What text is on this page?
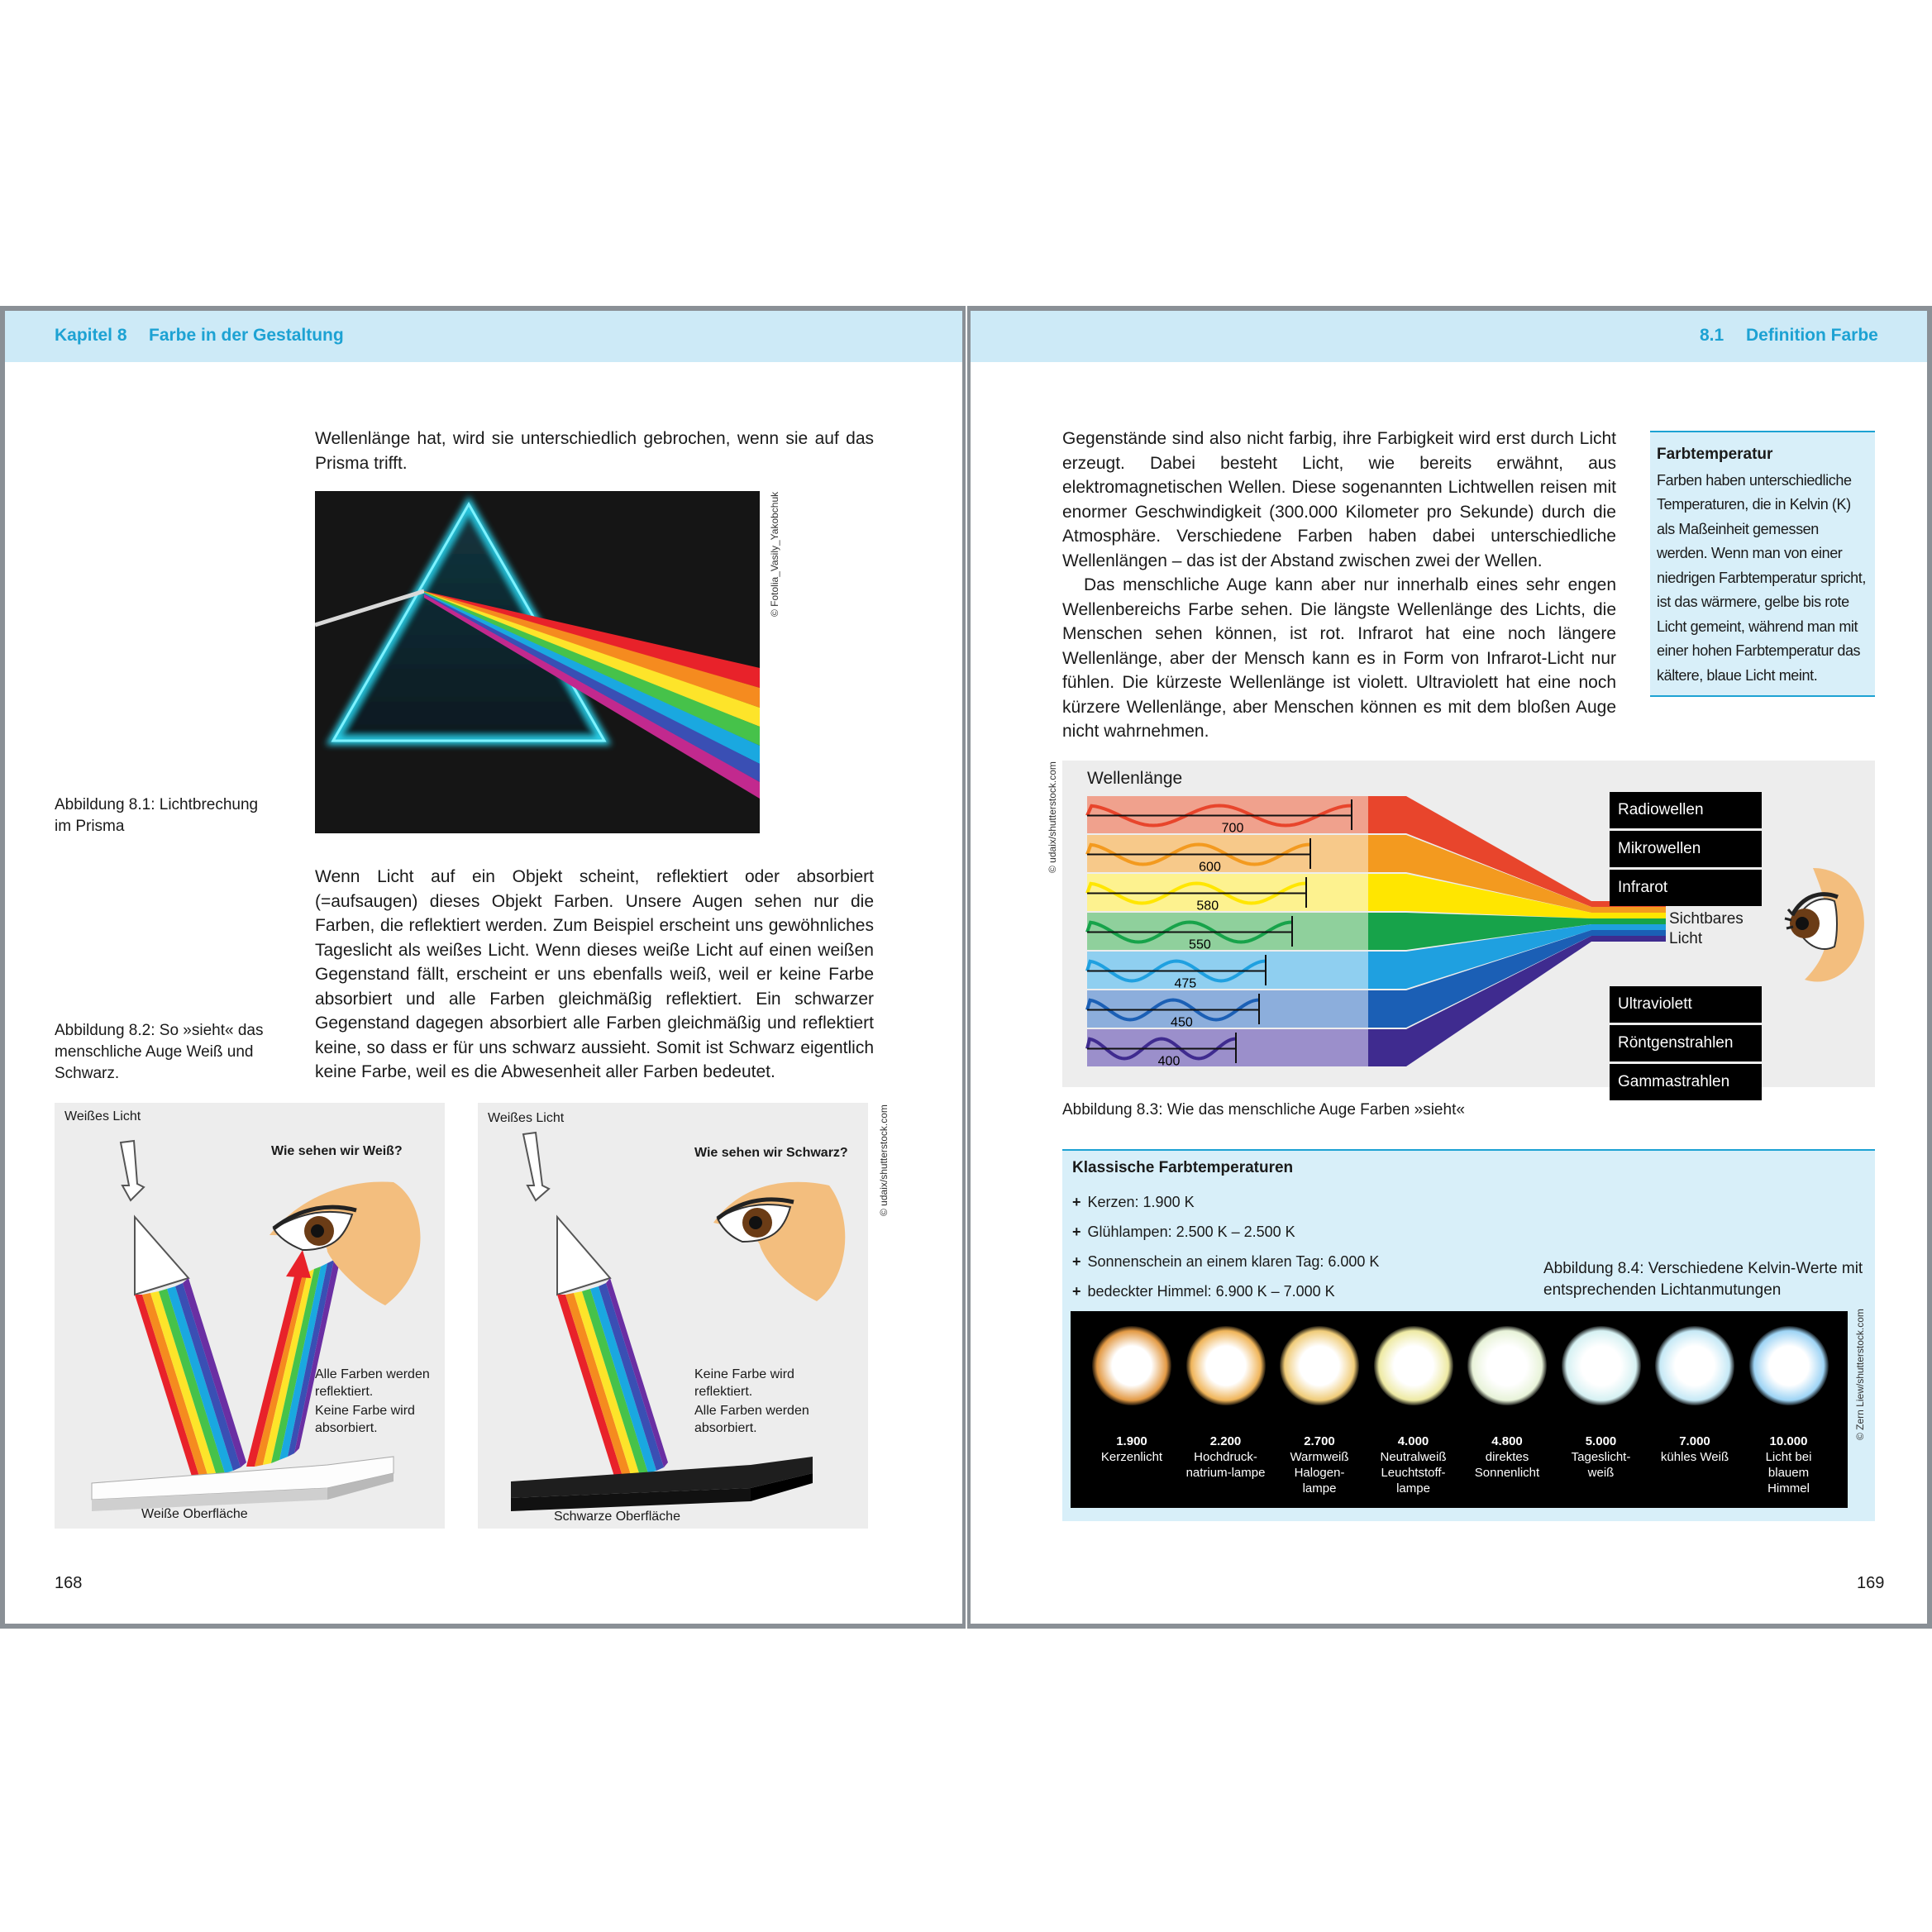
Kapitel 8 Farbe in der Gestaltung
Wellenlänge hat, wird sie unterschiedlich gebrochen, wenn sie auf das Prisma trifft.
© Fotolia_Vasily_Yakobchuk
Abbildung 8.1: Lichtbrechung im Prisma
Wenn Licht auf ein Objekt scheint, reflektiert oder absorbiert (=aufsaugen) dieses Objekt Farben. Unsere Augen sehen nur die Farben, die reflektiert werden. Zum Beispiel erscheint uns gewöhnliches Tageslicht als weißes Licht. Wenn dieses weiße Licht auf einen weißen Gegenstand fällt, erscheint er uns ebenfalls weiß, weil er keine Farbe absorbiert und alle Farben gleichmäßig reflektiert. Ein schwarzer Gegenstand dagegen absorbiert alle Farben gleichmäßig und reflektiert keine, so dass er für uns schwarz aussieht. Somit ist Schwarz eigentlich keine Farbe, weil es die Abwesenheit aller Farben bedeutet.
Abbildung 8.2: So »sieht« das menschliche Auge Weiß und Schwarz.
Weißes Licht
Wie sehen wir Weiß?
Alle Farben werden reflektiert.
Keine Farbe wird absorbiert.
Weiße Oberfläche
Weißes Licht
Wie sehen wir Schwarz?
Keine Farbe wird reflektiert.
Alle Farben werden absorbiert.
Schwarze Oberfläche
© udaix/shutterstock.com
168
8.1 Definition Farbe

Gegenstände sind also nicht farbig, ihre Farbigkeit wird erst durch Licht erzeugt. Dabei besteht Licht, wie bereits erwähnt, aus elektromagnetischen Wellen. Diese sogenannten Lichtwellen reisen mit enormer Geschwindigkeit (300.000 Kilometer pro Sekunde) durch die Atmosphäre. Verschiedene Farben haben dabei unterschiedliche Wellenlängen – das ist der Abstand zwischen zwei der Wellen.

Das menschliche Auge kann aber nur innerhalb eines sehr engen Wellenbereichs Farbe sehen. Die längste Wellenlänge des Lichts, die Menschen sehen können, ist rot. Infrarot hat eine noch längere Wellenlänge, aber der Mensch kann es in Form von Infrarot-Licht nur fühlen. Die kürzeste Wellenlänge ist violett. Ultraviolett hat eine noch kürzere Wellenlänge, aber Menschen können es mit dem bloßen Auge nicht wahrnehmen.

Farbtemperatur
Farben haben unterschiedliche Temperaturen, die in Kelvin (K) als Maßeinheit gemessen werden. Wenn man von einer niedrigen Farbtemperatur spricht, ist das wärmere, gelbe bis rote Licht gemeint, während man mit einer hohen Farbtemperatur das kältere, blaue Licht meint.
© udaix/shutterstock.com Wellenlänge
700
600
580
550
475
450
400
Radiowellen
Mikrowellen
Infrarot
Ultraviolett
Röntgenstrahlen
Gammastrahlen
Sichtbares
Licht
Abbildung 8.3: Wie das menschliche Auge Farben »sieht«
Klassische Farbtemperaturen
+ Kerzen: 1.900 K
+ Glühlampen: 2.500 K – 2.500 K
+ Sonnenschein an einem klaren Tag: 6.000 K
+ bedeckter Himmel: 6.900 K – 7.000 K
Abbildung 8.4: Verschiedene Kelvin-Werte mit entsprechenden Lichtanmutungen
1.900
Kerzenlicht
2.200
Hochdruck-natrium-lampe
2.700
Warmweiß Halogen-lampe
4.000
Neutralweiß Leuchtstoff-lampe
4.800
direktes Sonnenlicht
5.000
Tageslicht-weiß
7.000
kühles Weiß
10.000
Licht bei blauem Himmel
© Zern Liew/shutterstock.com
169
